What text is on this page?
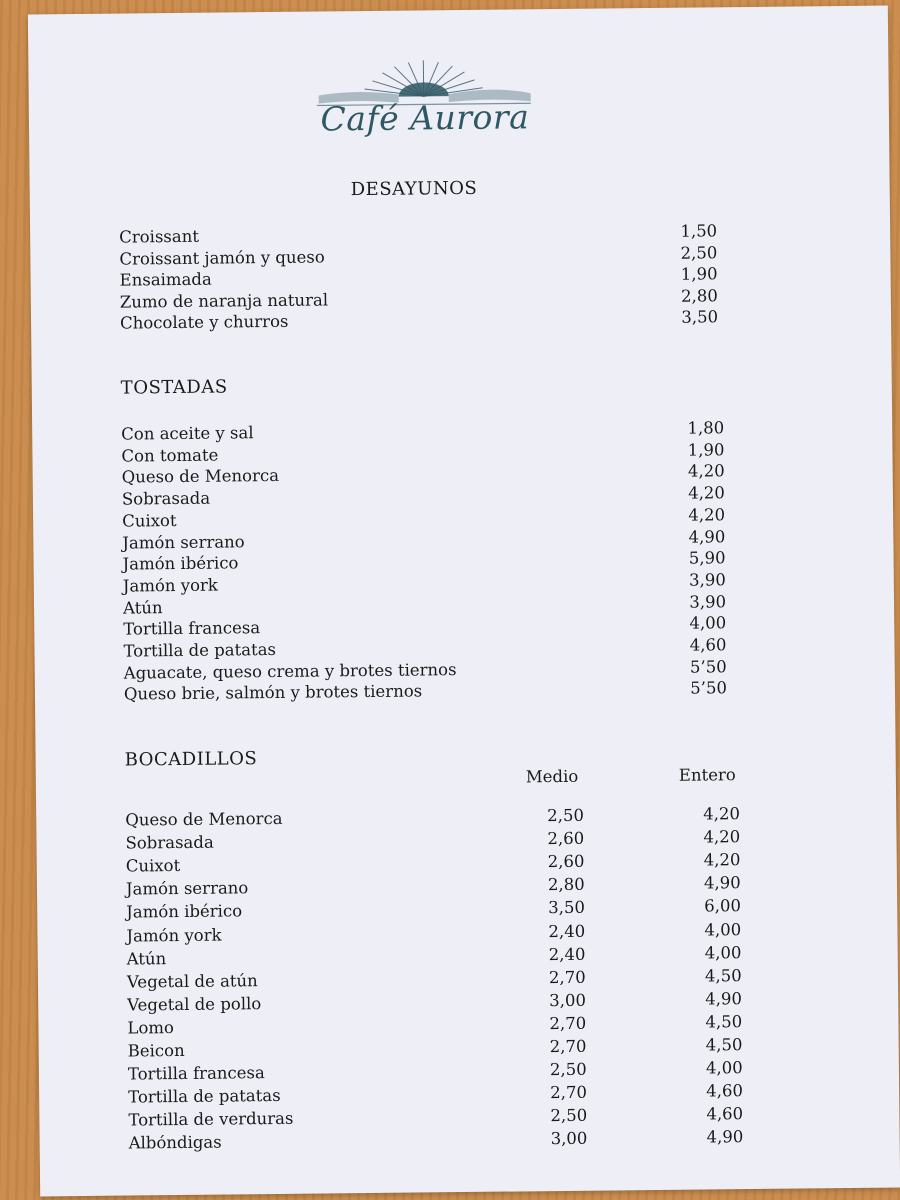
Café Aurora
DESAYUNOS
Croissant	1,50
Croissant jamón y queso	2,50
Ensaimada	1,90
Zumo de naranja natural	2,80
Chocolate y churros	3,50
TOSTADAS
Con aceite y sal	1,80
Con tomate	1,90
Queso de Menorca	4,20
Sobrasada	4,20
Cuixot	4,20
Jamón serrano	4,90
Jamón ibérico	5,90
Jamón york	3,90
Atún	3,90
Tortilla francesa	4,00
Tortilla de patatas	4,60
Aguacate, queso crema y brotes tiernos	5’50
Queso brie, salmón y brotes tiernos	5’50
BOCADILLOS
Medio	Entero
Queso de Menorca	2,50	4,20
Sobrasada	2,60	4,20
Cuixot	2,60	4,20
Jamón serrano	2,80	4,90
Jamón ibérico	3,50	6,00
Jamón york	2,40	4,00
Atún	2,40	4,00
Vegetal de atún	2,70	4,50
Vegetal de pollo	3,00	4,90
Lomo	2,70	4,50
Beicon	2,70	4,50
Tortilla francesa	2,50	4,00
Tortilla de patatas	2,70	4,60
Tortilla de verduras	2,50	4,60
Albóndigas	3,00	4,90
